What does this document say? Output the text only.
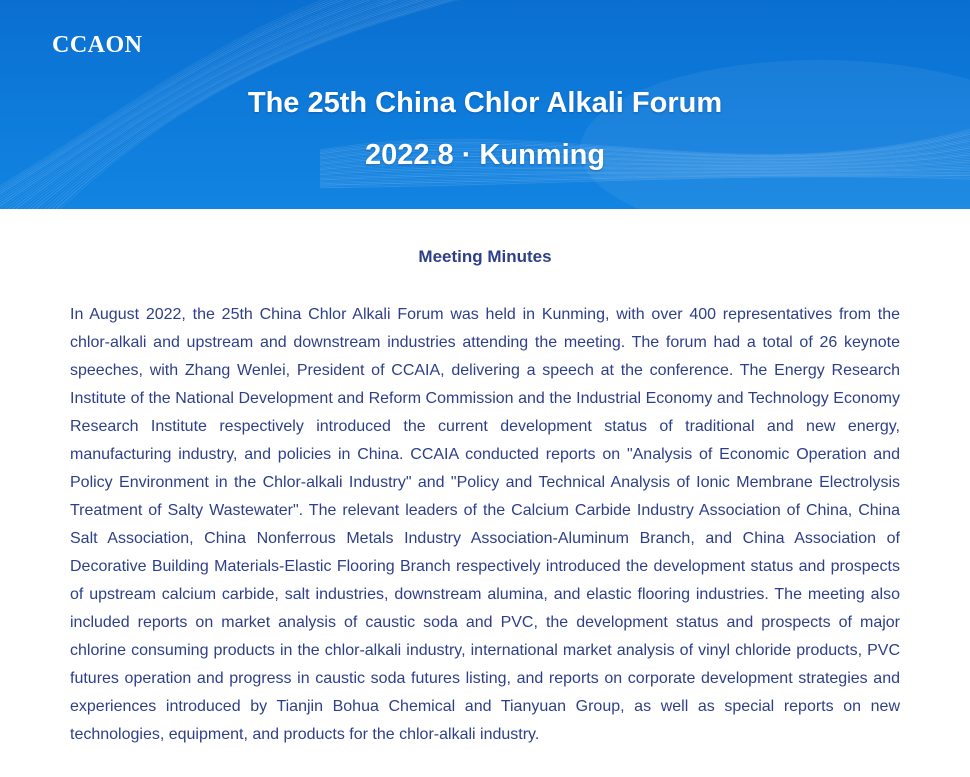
CCAON
The 25th China Chlor Alkali Forum
2022.8 · Kunming
Meeting Minutes

In August 2022, the 25th China Chlor Alkali Forum was held in Kunming, with over 400 representatives from the chlor-alkali and upstream and downstream industries attending the meeting. The forum had a total of 26 keynote speeches, with Zhang Wenlei, President of CCAIA, delivering a speech at the conference. The Energy Research Institute of the National Development and Reform Commission and the Industrial Economy and Technology Economy Research Institute respectively introduced the current development status of traditional and new energy, manufacturing industry, and policies in China. CCAIA conducted reports on "Analysis of Economic Operation and Policy Environment in the Chlor-alkali Industry" and "Policy and Technical Analysis of Ionic Membrane Electrolysis Treatment of Salty Wastewater". The relevant leaders of the Calcium Carbide Industry Association of China, China Salt Association, China Nonferrous Metals Industry Association-Aluminum Branch, and China Association of Decorative Building Materials-Elastic Flooring Branch respectively introduced the development status and prospects of upstream calcium carbide, salt industries, downstream alumina, and elastic flooring industries. The meeting also included reports on market analysis of caustic soda and PVC, the development status and prospects of major chlorine consuming products in the chlor-alkali industry, international market analysis of vinyl chloride products, PVC futures operation and progress in caustic soda futures listing, and reports on corporate development strategies and experiences introduced by Tianjin Bohua Chemical and Tianyuan Group, as well as special reports on new technologies, equipment, and products for the chlor-alkali industry.
